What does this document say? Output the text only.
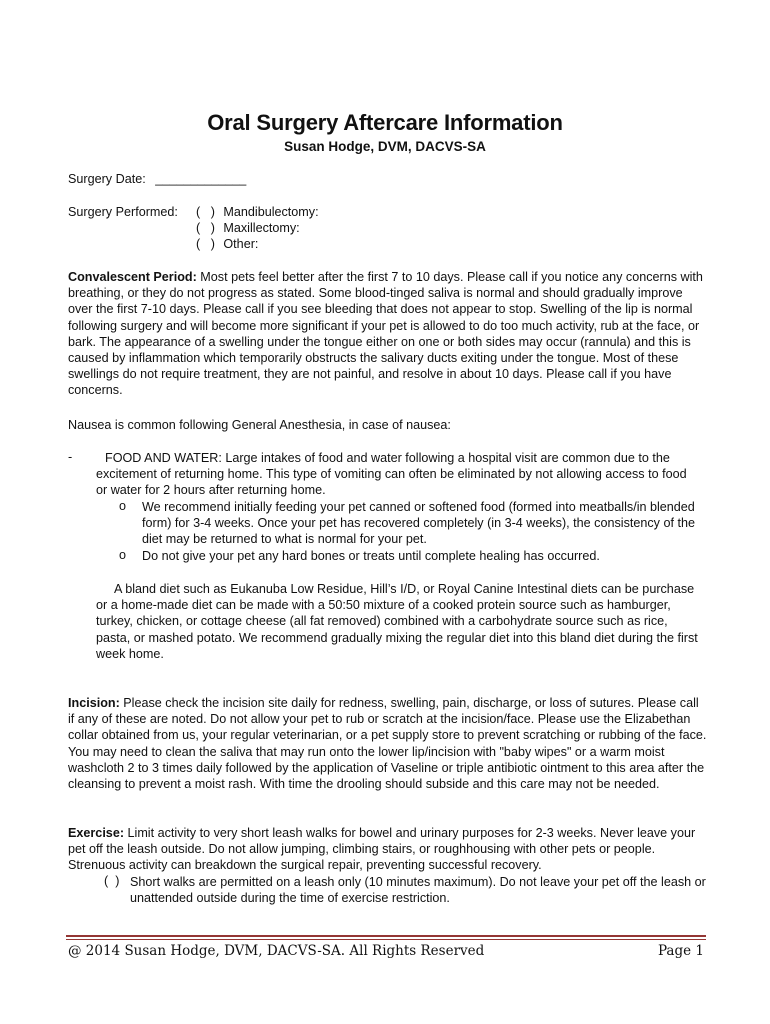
Oral Surgery Aftercare Information
Susan Hodge, DVM, DACVS-SA
Surgery Date: _____________
Surgery Performed: (   ) Mandibulectomy:
(   ) Maxillectomy:
(   ) Other:
Convalescent Period: Most pets feel better after the first 7 to 10 days. Please call if you notice any concerns with breathing, or they do not progress as stated. Some blood-tinged saliva is normal and should gradually improve over the first 7-10 days. Please call if you see bleeding that does not appear to stop. Swelling of the lip is normal following surgery and will become more significant if your pet is allowed to do too much activity, rub at the face, or bark. The appearance of a swelling under the tongue either on one or both sides may occur (rannula) and this is caused by inflammation which temporarily obstructs the salivary ducts exiting under the tongue. Most of these swellings do not require treatment, they are not painful, and resolve in about 10 days. Please call if you have concerns.
Nausea is common following General Anesthesia, in case of nausea:
-	FOOD AND WATER: Large intakes of food and water following a hospital visit are common due to the excitement of returning home. This type of vomiting can often be eliminated by not allowing access to food or water for 2 hours after returning home.
o We recommend initially feeding your pet canned or softened food (formed into meatballs/in blended form) for 3-4 weeks. Once your pet has recovered completely (in 3-4 weeks), the consistency of the diet may be returned to what is normal for your pet.
o Do not give your pet any hard bones or treats until complete healing has occurred.
A bland diet such as Eukanuba Low Residue, Hill’s I/D, or Royal Canine Intestinal diets can be purchase or a home-made diet can be made with a 50:50 mixture of a cooked protein source such as hamburger, turkey, chicken, or cottage cheese (all fat removed) combined with a carbohydrate source such as rice, pasta, or mashed potato. We recommend gradually mixing the regular diet into this bland diet during the first week home.
Incision: Please check the incision site daily for redness, swelling, pain, discharge, or loss of sutures. Please call if any of these are noted. Do not allow your pet to rub or scratch at the incision/face. Please use the Elizabethan collar obtained from us, your regular veterinarian, or a pet supply store to prevent scratching or rubbing of the face. You may need to clean the saliva that may run onto the lower lip/incision with "baby wipes" or a warm moist washcloth 2 to 3 times daily followed by the application of Vaseline or triple antibiotic ointment to this area after the cleansing to prevent a moist rash. With time the drooling should subside and this care may not be needed.
Exercise: Limit activity to very short leash walks for bowel and urinary purposes for 2-3 weeks. Never leave your pet off the leash outside. Do not allow jumping, climbing stairs, or roughhousing with other pets or people. Strenuous activity can breakdown the surgical repair, preventing successful recovery.
(  ) Short walks are permitted on a leash only (10 minutes maximum). Do not leave your pet off the leash or unattended outside during the time of exercise restriction.
@ 2014 Susan Hodge, DVM, DACVS-SA. All Rights Reserved	Page 1
